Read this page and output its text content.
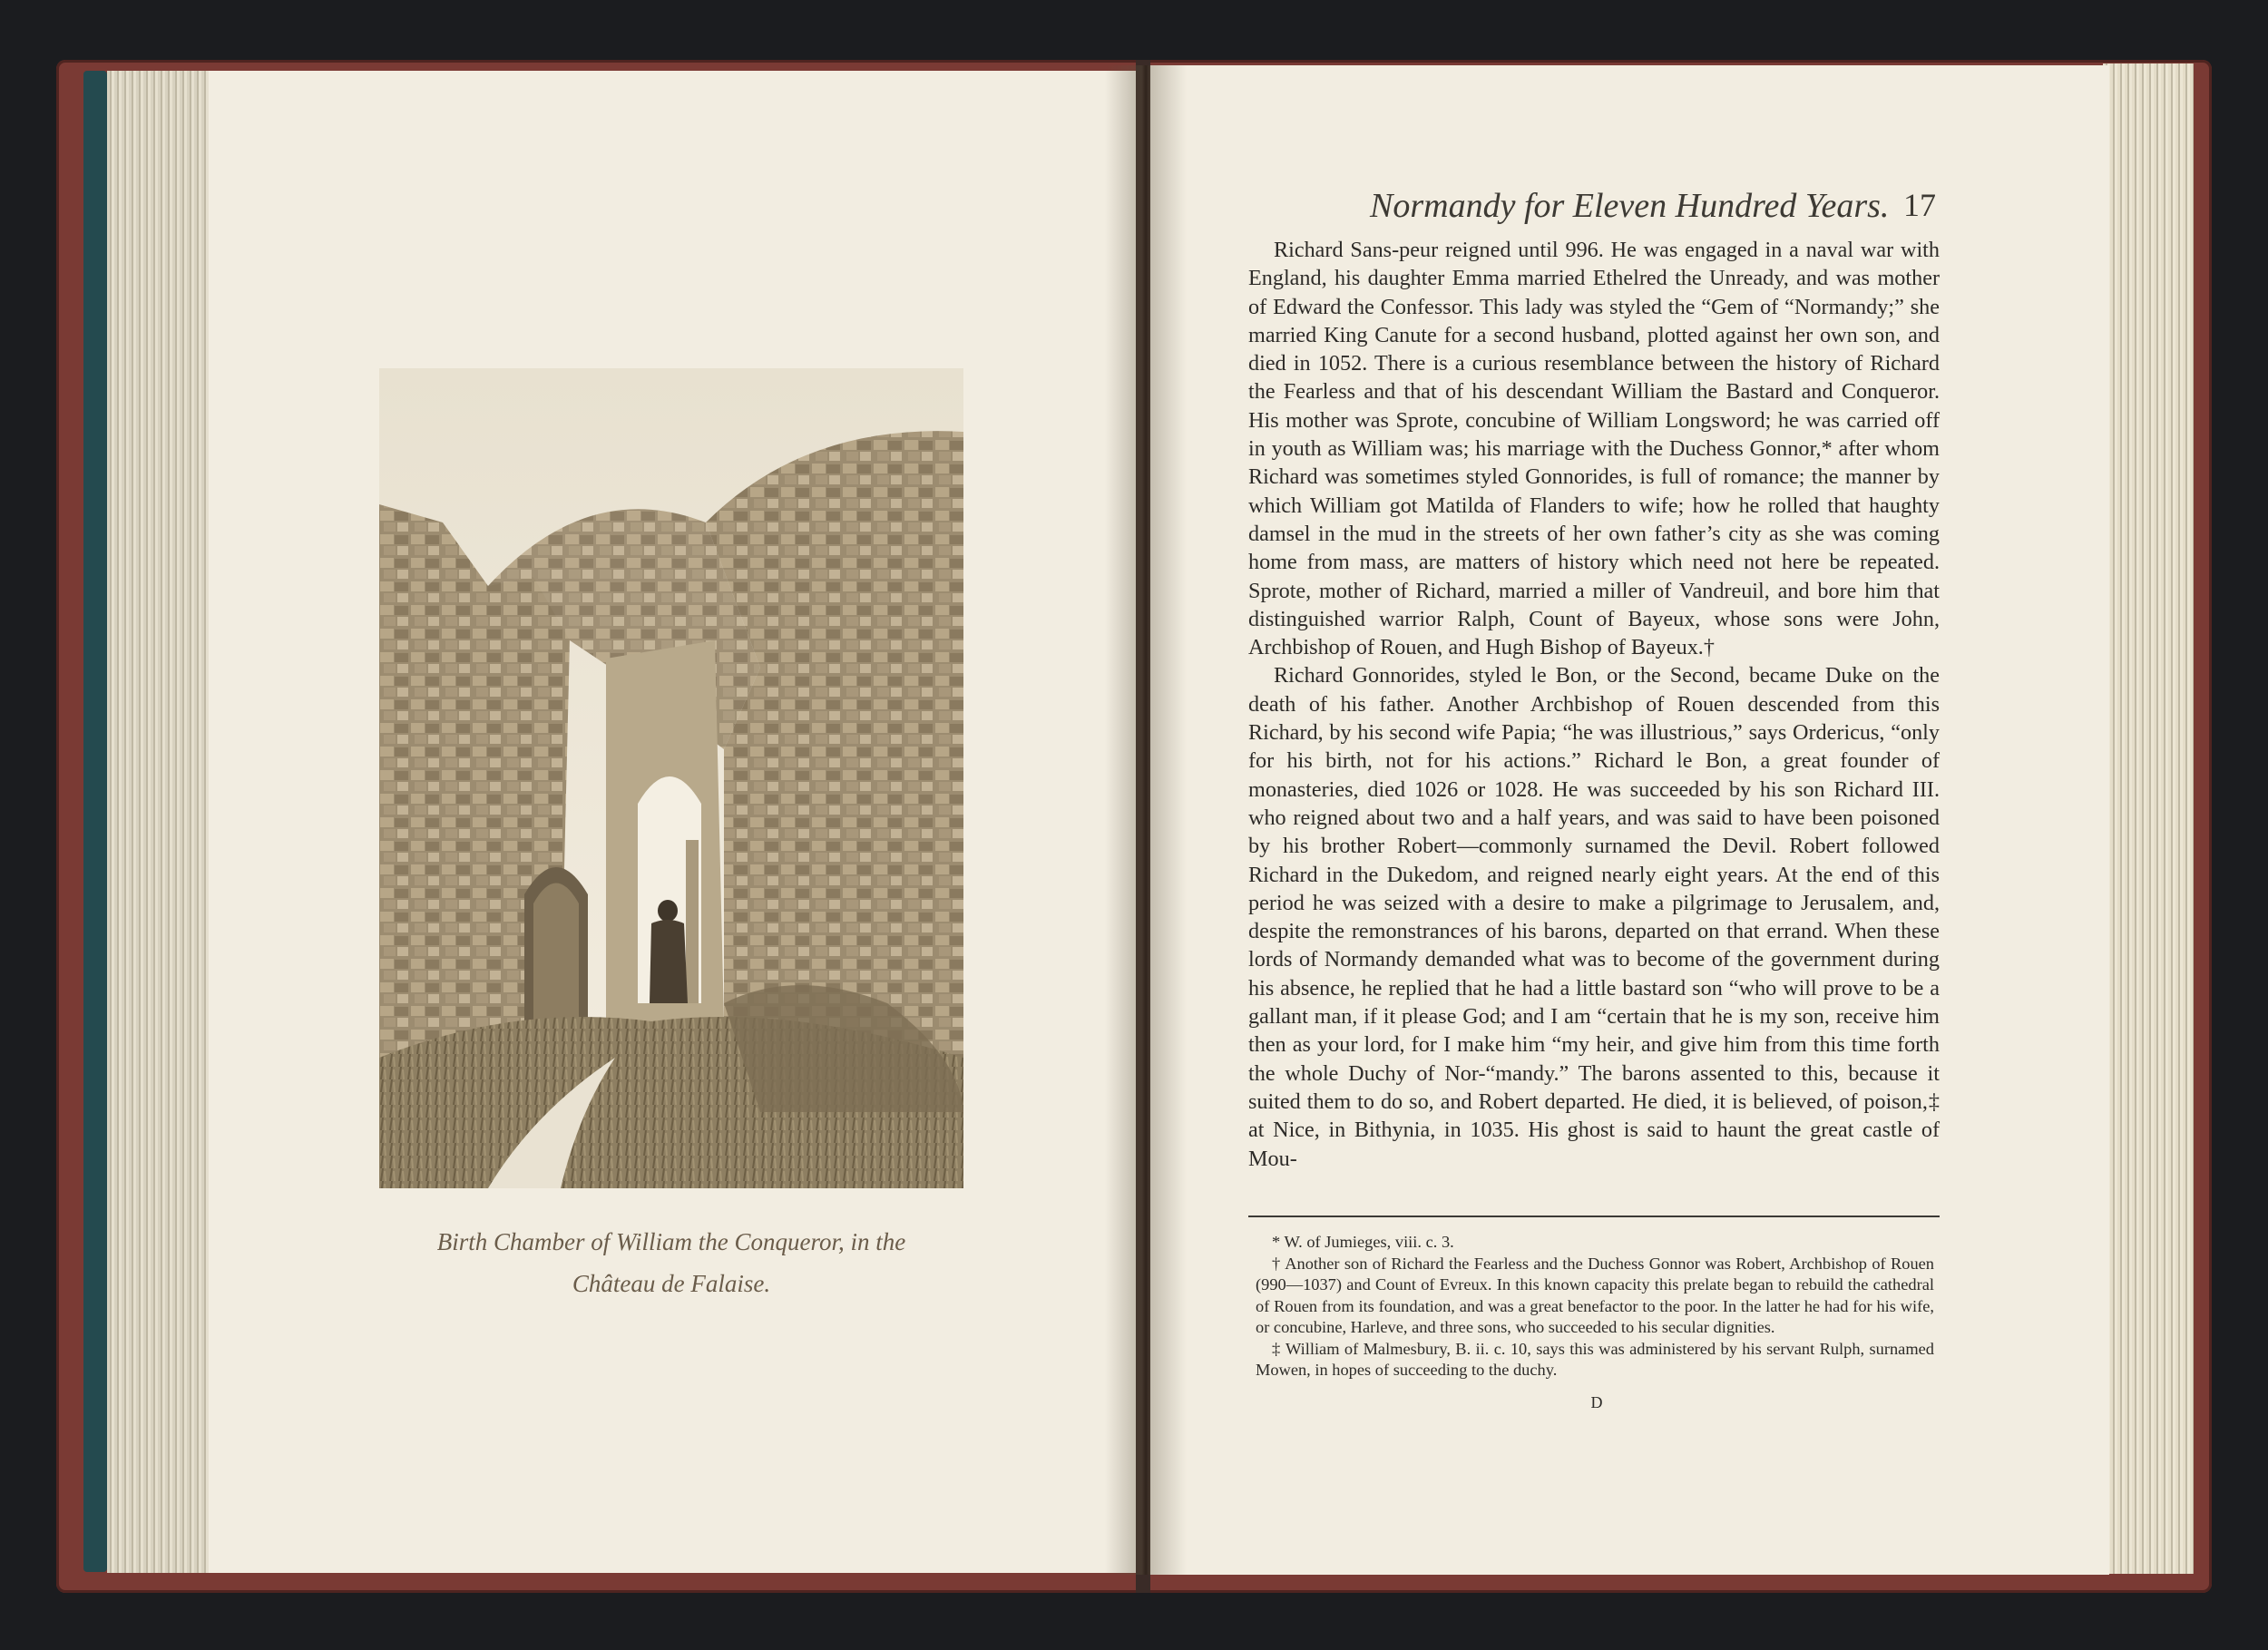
Birth Chamber of William the Conqueror, in the
Château de Falaise.
Normandy for Eleven Hundred Years. 17

Richard Sans-peur reigned until 996. He was engaged in a naval war with England, his daughter Emma married Ethelred the Unready, and was mother of Edward the Confessor. This lady was styled the “Gem of “Normandy;” she married King Canute for a second husband, plotted against her own son, and died in 1052. There is a curious resemblance between the history of Richard the Fearless and that of his descendant William the Bastard and Conqueror. His mother was Sprote, concubine of William Longsword; he was carried off in youth as William was; his marriage with the Duchess Gonnor,* after whom Richard was sometimes styled Gonnorides, is full of romance; the manner by which William got Matilda of Flanders to wife; how he rolled that haughty damsel in the mud in the streets of her own father’s city as she was coming home from mass, are matters of history which need not here be repeated. Sprote, mother of Richard, married a miller of Vandreuil, and bore him that distinguished warrior Ralph, Count of Bayeux, whose sons were John, Archbishop of Rouen, and Hugh Bishop of Bayeux.†

Richard Gonnorides, styled le Bon, or the Second, became Duke on the death of his father. Another Archbishop of Rouen descended from this Richard, by his second wife Papia; “he was illustrious,” says Ordericus, “only for his birth, not for his actions.” Richard le Bon, a great founder of monasteries, died 1026 or 1028. He was succeeded by his son Richard III. who reigned about two and a half years, and was said to have been poisoned by his brother Robert—commonly surnamed the Devil. Robert followed Richard in the Dukedom, and reigned nearly eight years. At the end of this period he was seized with a desire to make a pilgrimage to Jerusalem, and, despite the remonstrances of his barons, departed on that errand. When these lords of Normandy demanded what was to become of the government during his absence, he replied that he had a little bastard son “who will prove to be a gallant man, if it please God; and I am “certain that he is my son, receive him then as your lord, for I make him “my heir, and give him from this time forth the whole Duchy of Nor-“mandy.” The barons assented to this, because it suited them to do so, and Robert departed. He died, it is believed, of poison,‡ at Nice, in Bithynia, in 1035. His ghost is said to haunt the great castle of Mou-

* W. of Jumieges, viii. c. 3.

† Another son of Richard the Fearless and the Duchess Gonnor was Robert, Archbishop of Rouen (990—1037) and Count of Evreux. In this known capacity this prelate began to rebuild the cathedral of Rouen from its foundation, and was a great benefactor to the poor. In the latter he had for his wife, or concubine, Harleve, and three sons, who succeeded to his secular dignities.

‡ William of Malmesbury, B. ii. c. 10, says this was administered by his servant Rulph, surnamed Mowen, in hopes of succeeding to the duchy.

D
